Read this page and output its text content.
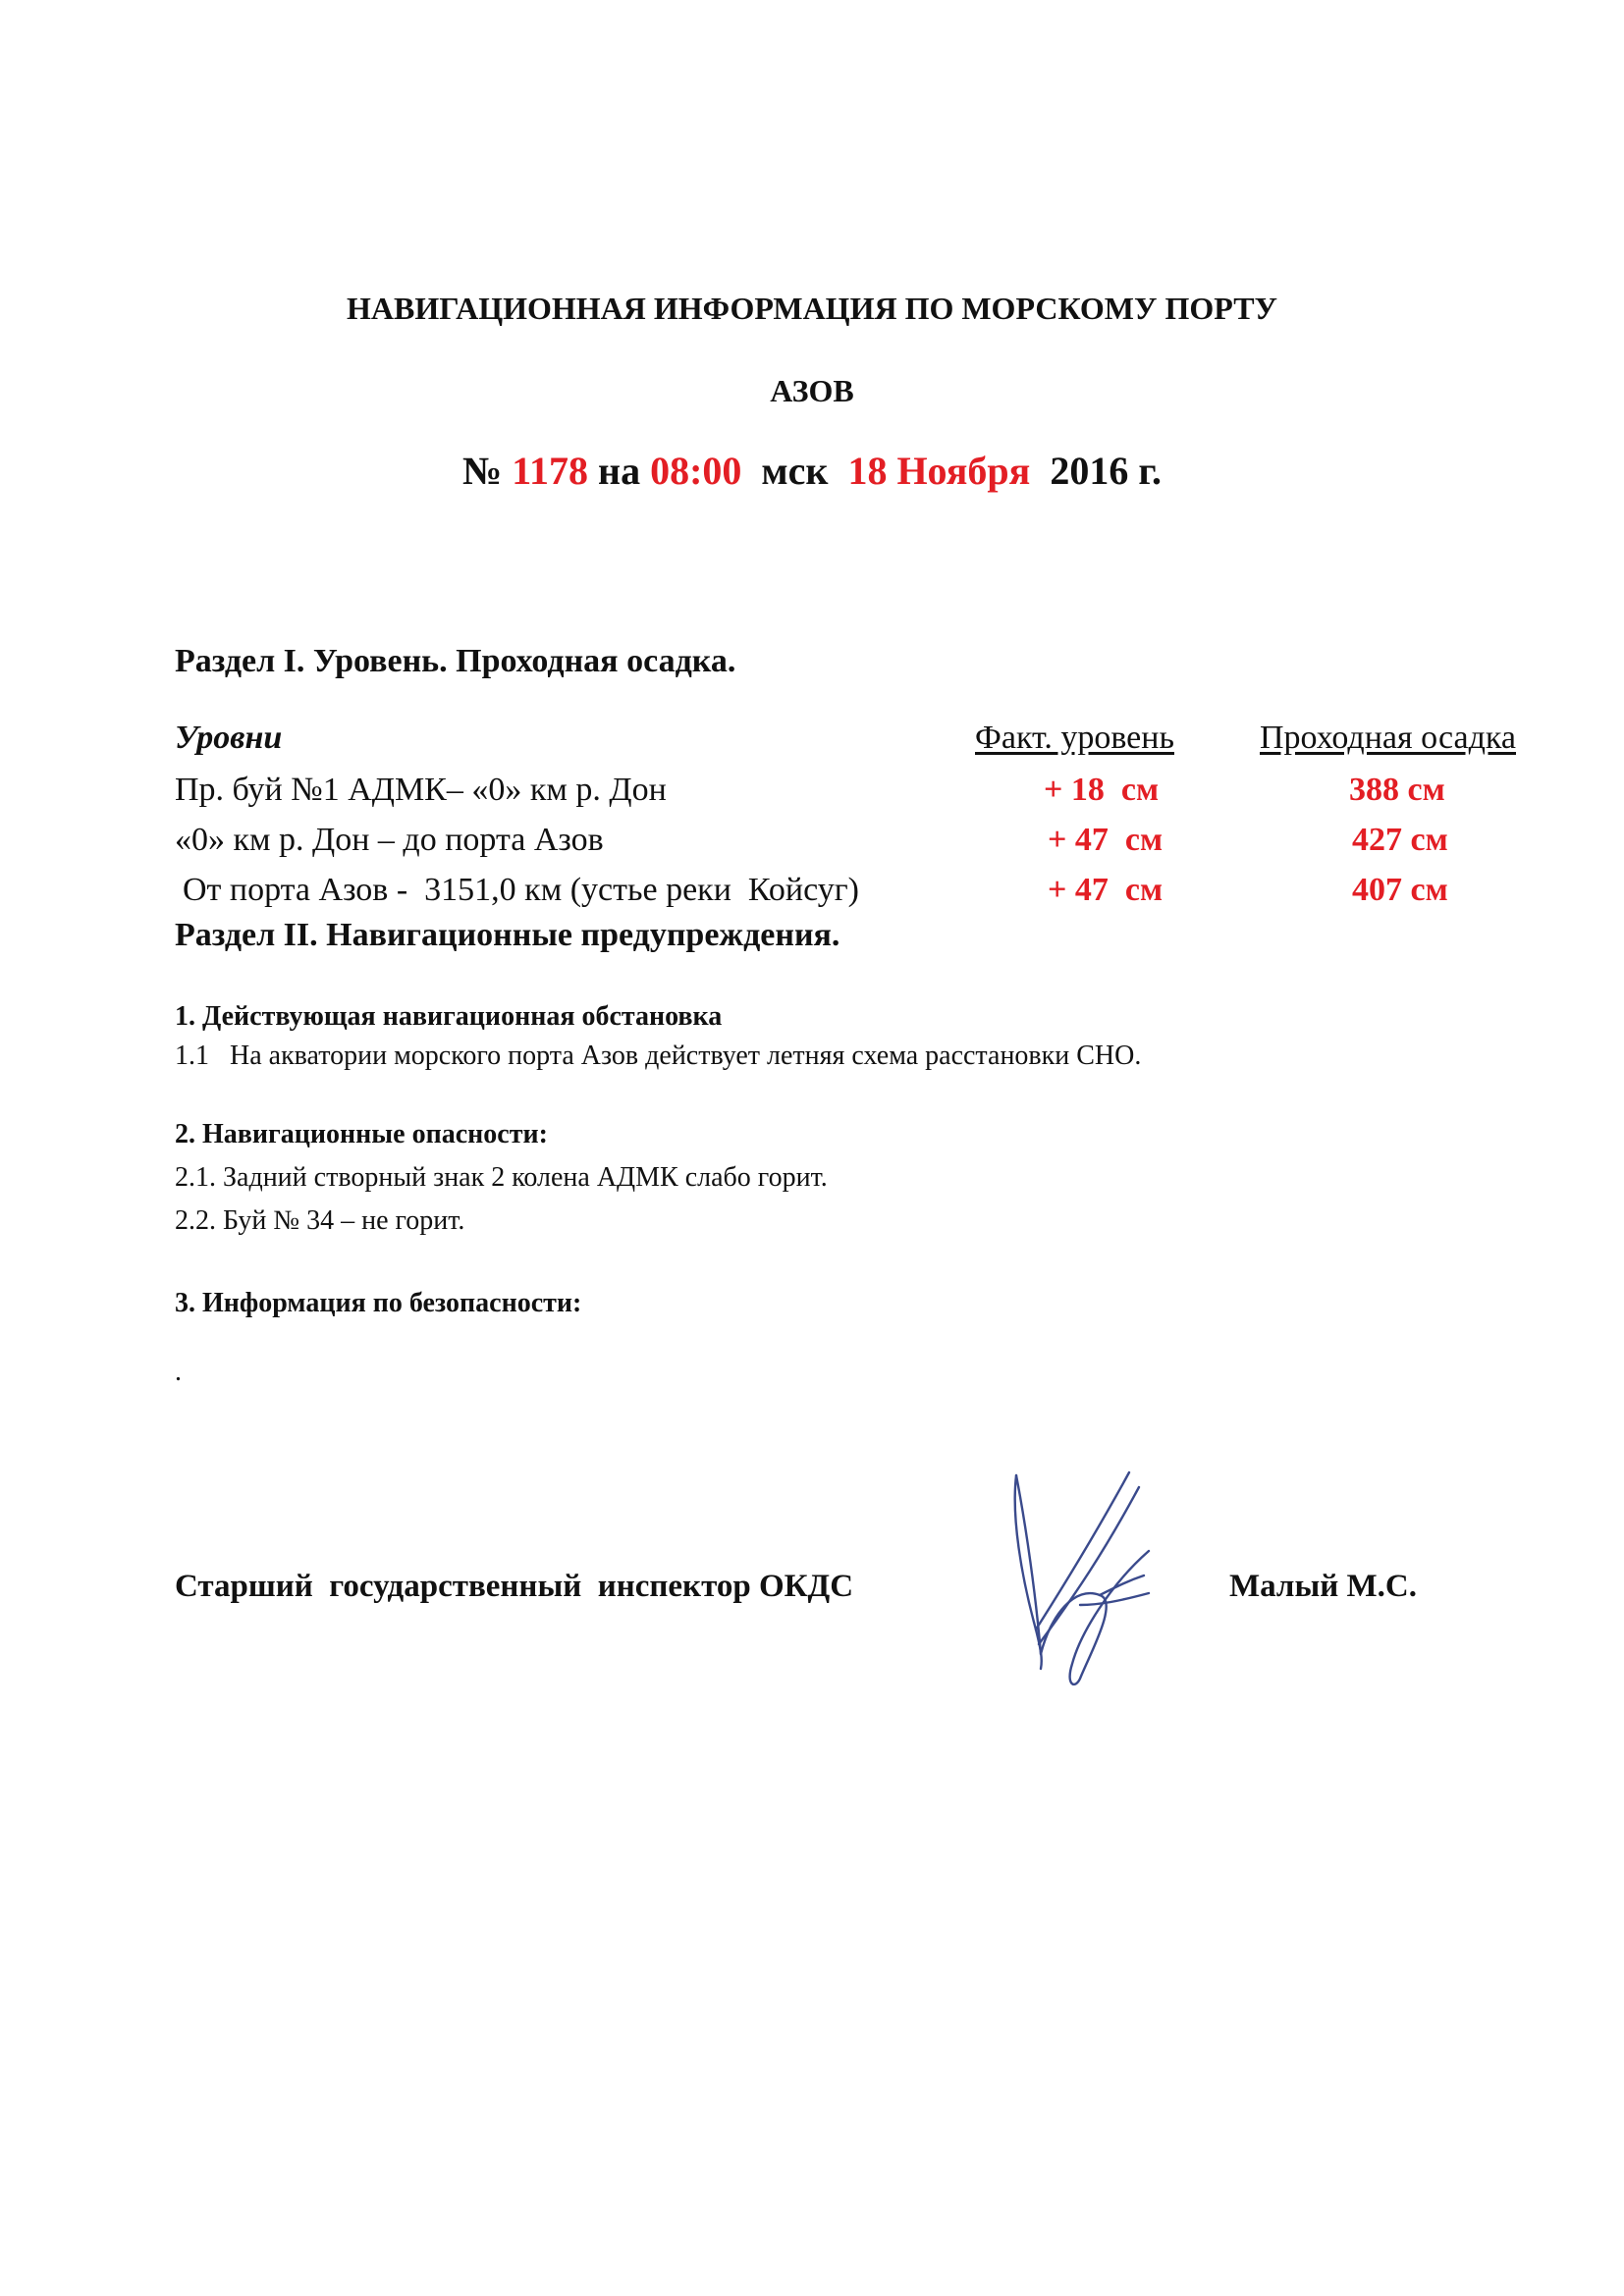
НАВИГАЦИОННАЯ ИНФОРМАЦИЯ ПО МОРСКОМУ ПОРТУ
АЗОВ
№ 1178 на 08:00  мск  18 Ноября  2016 г.
Раздел I. Уровень. Проходная осадка.
Уровни	Факт. уровень	Проходная осадка
Пр. буй №1 АДМК– «0» км р. Дон	+ 18  см	388 см
«0» км р. Дон – до порта Азов	+ 47  см	427 см
От порта Азов -  3151,0 км (устье реки  Койсуг)	+ 47  см	407 см
Раздел II. Навигационные предупреждения.
1. Действующая навигационная обстановка
1.1   На акватории морского порта Азов действует летняя схема расстановки СНО.
2. Навигационные опасности:
2.1. Задний створный знак 2 колена АДМК слабо горит.
2.2. Буй № 34 – не горит.
3. Информация по безопасности:
.
Старший  государственный  инспектор ОКДС	Малый М.С.
